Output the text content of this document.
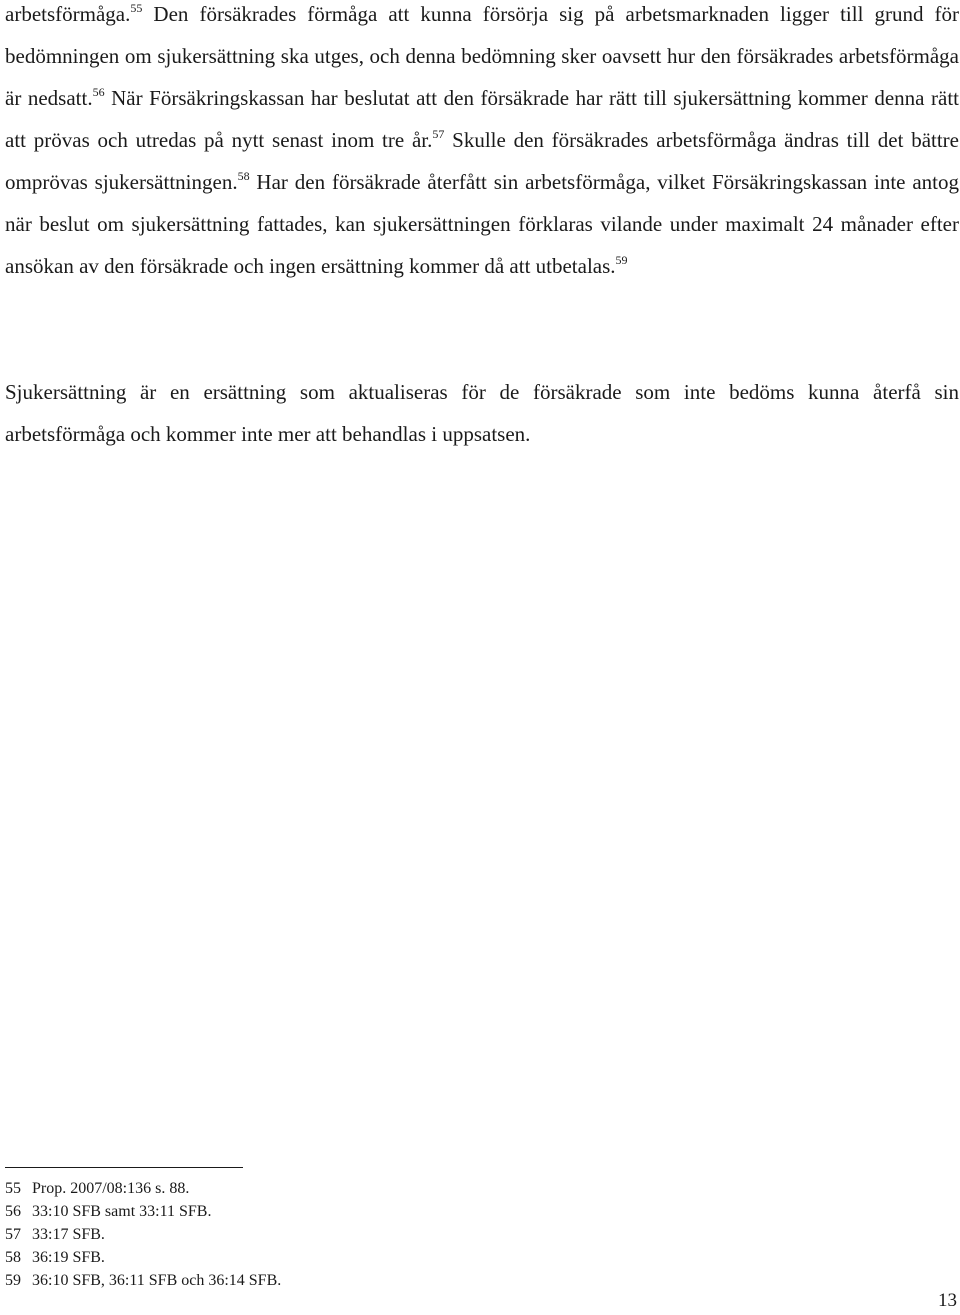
arbetsförmåga.$^{55}$ Den försäkrades förmåga att kunna försörja sig på arbetsmarknaden ligger till grund för bedömningen om sjukersättning ska utges, och denna bedömning sker oavsett hur den försäkrades arbetsförmåga är nedsatt.$^{56}$ När Försäkringskassan har beslutat att den försäkrade har rätt till sjukersättning kommer denna rätt att prövas och utredas på nytt senast inom tre år.$^{57}$ Skulle den försäkrades arbetsförmåga ändras till det bättre omprövas sjukersättningen.$^{58}$ Har den försäkrade återfått sin arbetsförmåga, vilket Försäkringskassan inte antog när beslut om sjukersättning fattades, kan sjukersättningen förklaras vilande under maximalt 24 månader efter ansökan av den försäkrade och ingen ersättning kommer då att utbetalas.$^{59}$

Sjukersättning är en ersättning som aktualiseras för de försäkrade som inte bedöms kunna återfå sin arbetsförmåga och kommer inte mer att behandlas i uppsatsen.

55 Prop. 2007/08:136 s. 88.
56 33:10 SFB samt 33:11 SFB.
57 33:17 SFB.
58 36:19 SFB.
59 36:10 SFB, 36:11 SFB och 36:14 SFB.
13
